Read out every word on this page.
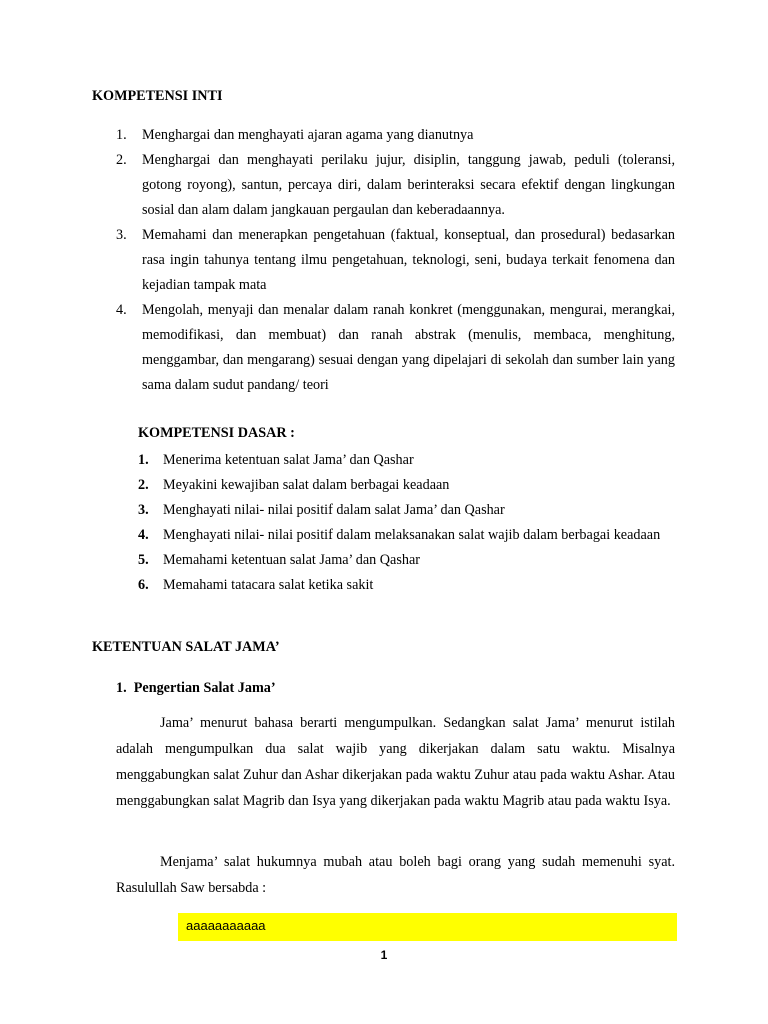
KOMPETENSI INTI
1. Menghargai dan menghayati ajaran agama yang dianutnya
2. Menghargai dan menghayati perilaku jujur, disiplin, tanggung jawab, peduli (toleransi, gotong royong), santun, percaya diri, dalam berinteraksi secara efektif dengan lingkungan sosial dan alam dalam jangkauan pergaulan dan keberadaannya.
3. Memahami dan menerapkan pengetahuan (faktual, konseptual, dan prosedural) bedasarkan rasa ingin tahunya tentang ilmu pengetahuan, teknologi, seni, budaya terkait fenomena dan kejadian tampak mata
4. Mengolah, menyaji dan menalar dalam ranah konkret (menggunakan, mengurai, merangkai, memodifikasi, dan membuat) dan ranah abstrak (menulis, membaca, menghitung, menggambar, dan mengarang) sesuai dengan yang dipelajari di sekolah dan sumber lain yang sama dalam sudut pandang/ teori
KOMPETENSI DASAR :
1. Menerima ketentuan salat Jama’ dan Qashar
2. Meyakini kewajiban salat dalam berbagai keadaan
3. Menghayati nilai- nilai positif dalam salat Jama’ dan Qashar
4. Menghayati nilai- nilai positif dalam melaksanakan salat wajib dalam berbagai keadaan
5. Memahami ketentuan salat Jama’ dan Qashar
6. Memahami tatacara salat ketika sakit
KETENTUAN SALAT JAMA’
1.  Pengertian Salat Jama’

Jama’ menurut bahasa berarti mengumpulkan. Sedangkan salat Jama’ menurut istilah adalah mengumpulkan dua salat wajib yang dikerjakan dalam satu waktu. Misalnya menggabungkan salat Zuhur dan Ashar dikerjakan pada waktu Zuhur atau pada waktu Ashar. Atau menggabungkan salat Magrib dan Isya yang dikerjakan pada waktu Magrib atau pada waktu Isya.

Menjama’ salat hukumnya mubah atau boleh bagi orang yang sudah memenuhi syat. Rasulullah Saw bersabda :

aaaaaaaaaaa
1
